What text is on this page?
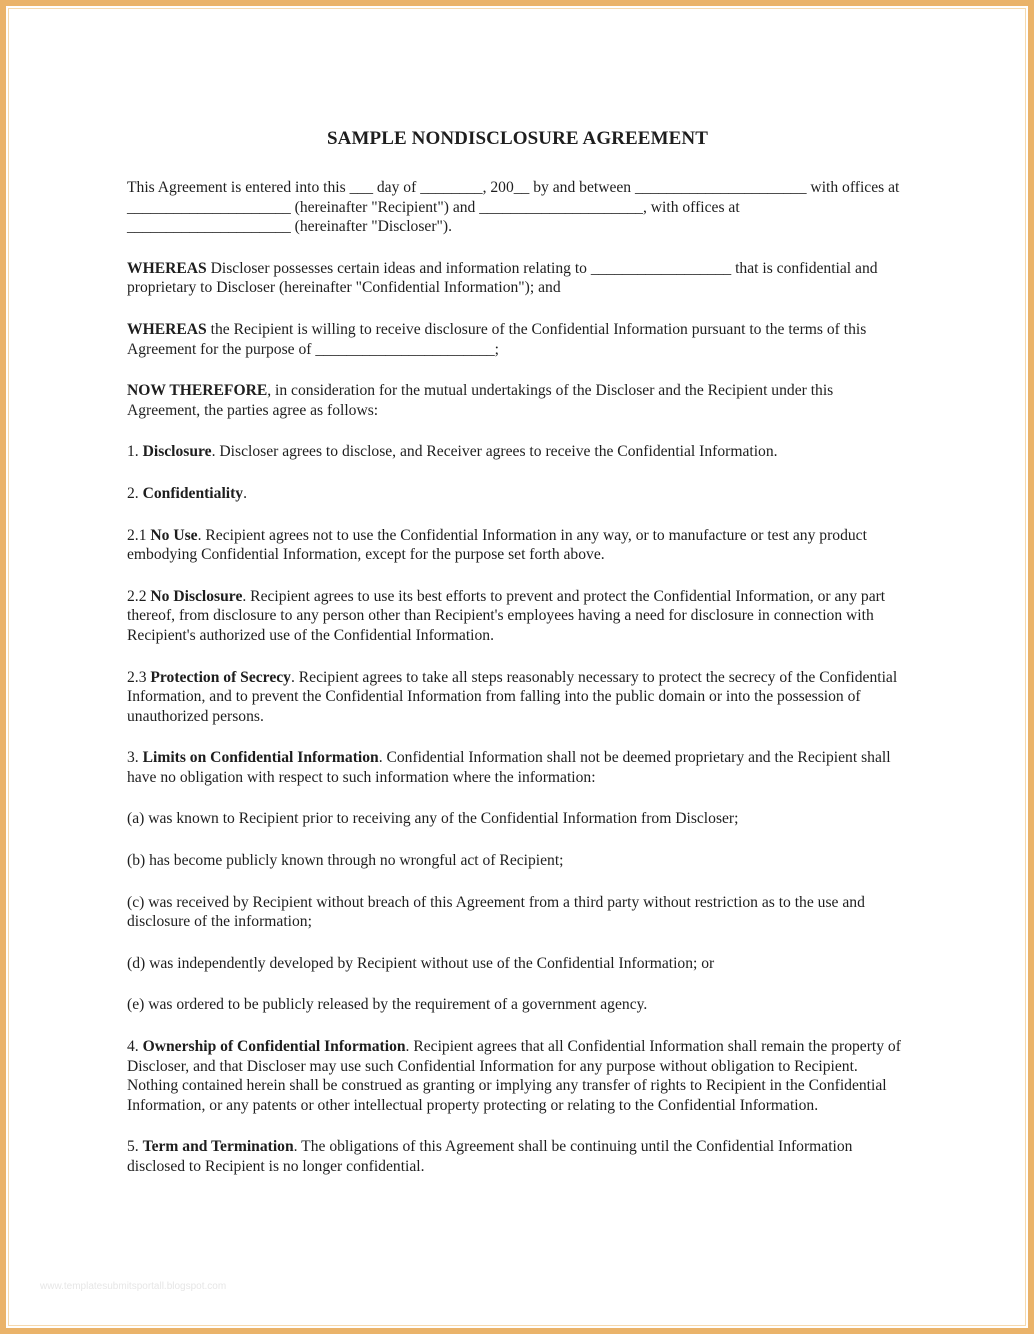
SAMPLE NONDISCLOSURE AGREEMENT

This Agreement is entered into this ___ day of ________, 200__ by and between ______________________ with offices at _____________________ (hereinafter "Recipient") and _____________________, with offices at _____________________ (hereinafter "Discloser").

WHEREAS Discloser possesses certain ideas and information relating to __________________ that is confidential and proprietary to Discloser (hereinafter "Confidential Information"); and

WHEREAS the Recipient is willing to receive disclosure of the Confidential Information pursuant to the terms of this Agreement for the purpose of _______________________;

NOW THEREFORE, in consideration for the mutual undertakings of the Discloser and the Recipient under this Agreement, the parties agree as follows:

1. Disclosure. Discloser agrees to disclose, and Receiver agrees to receive the Confidential Information.

2. Confidentiality.

2.1 No Use. Recipient agrees not to use the Confidential Information in any way, or to manufacture or test any product embodying Confidential Information, except for the purpose set forth above.

2.2 No Disclosure. Recipient agrees to use its best efforts to prevent and protect the Confidential Information, or any part thereof, from disclosure to any person other than Recipient's employees having a need for disclosure in connection with Recipient's authorized use of the Confidential Information.

2.3 Protection of Secrecy. Recipient agrees to take all steps reasonably necessary to protect the secrecy of the Confidential Information, and to prevent the Confidential Information from falling into the public domain or into the possession of unauthorized persons.

3. Limits on Confidential Information. Confidential Information shall not be deemed proprietary and the Recipient shall have no obligation with respect to such information where the information:

(a) was known to Recipient prior to receiving any of the Confidential Information from Discloser;

(b) has become publicly known through no wrongful act of Recipient;

(c) was received by Recipient without breach of this Agreement from a third party without restriction as to the use and disclosure of the information;

(d) was independently developed by Recipient without use of the Confidential Information; or

(e) was ordered to be publicly released by the requirement of a government agency.

4. Ownership of Confidential Information. Recipient agrees that all Confidential Information shall remain the property of Discloser, and that Discloser may use such Confidential Information for any purpose without obligation to Recipient. Nothing contained herein shall be construed as granting or implying any transfer of rights to Recipient in the Confidential Information, or any patents or other intellectual property protecting or relating to the Confidential Information.

5. Term and Termination. The obligations of this Agreement shall be continuing until the Confidential Information disclosed to Recipient is no longer confidential.

www.templatesubmitsportall.blogspot.com
